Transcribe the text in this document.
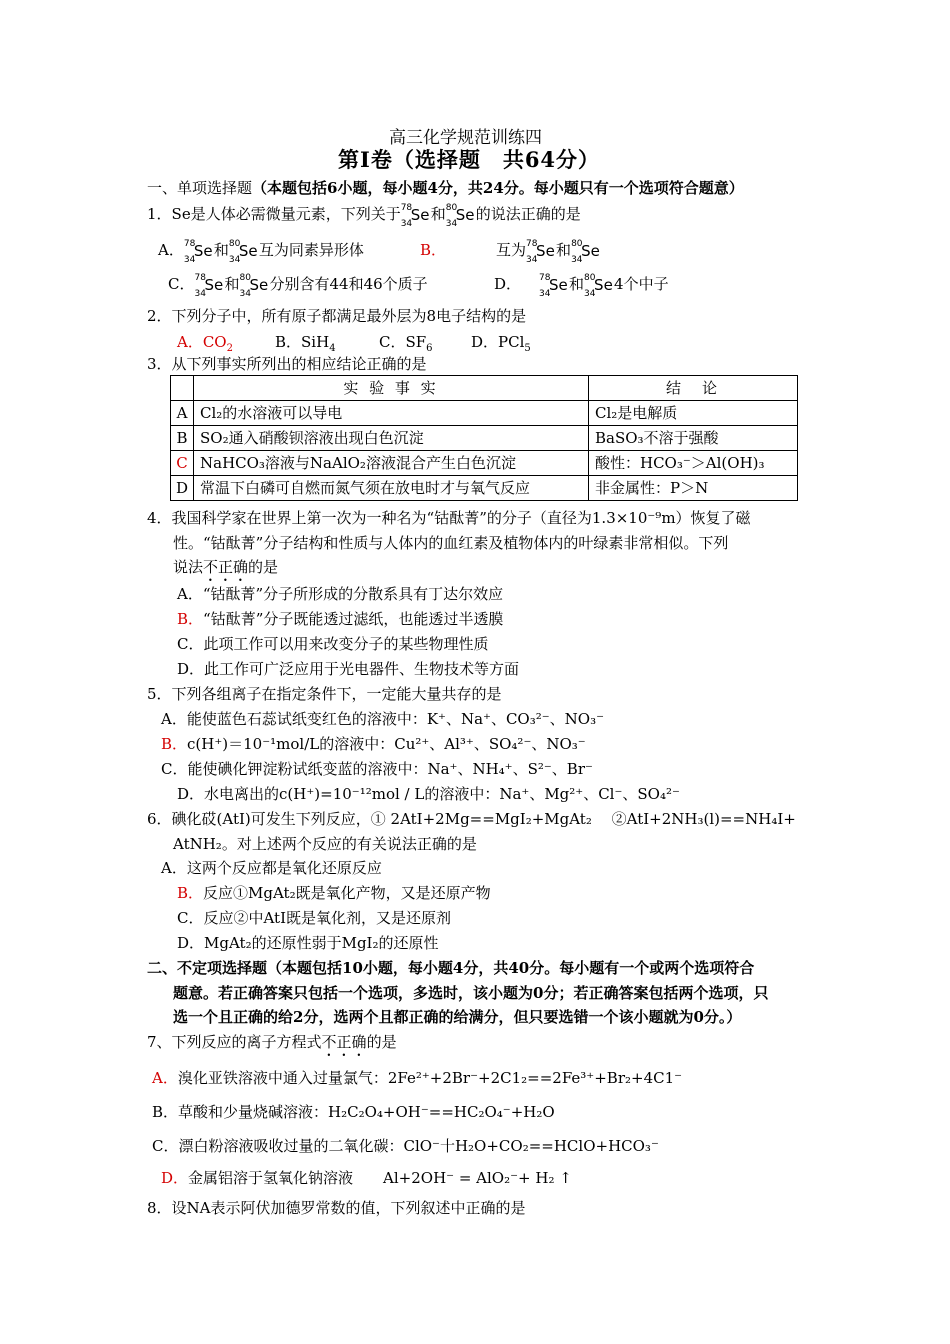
高三化学规范训练四
第Ⅰ卷（选择题　共64分）
一、单项选择题（本题包括6小题，每小题4分，共24分。每小题只有一个选项符合题意）
1．Se是人体必需微量元素，下列关于 78
34
Se 和 80
34
Se 的说法正确的是
A． 78
34
Se 和 80
34
Se 互为同素异形体	B．	互为 78
34
Se 和 80
34
Se
C． 78
34
Se 和 80
34
Se 分别含有44和46个质子	D． 78
34
Se 和 80
34
Se 4个中子
2．下列分子中，所有原子都满足最外层为8电子结构的是
A．$CO_2$	B．SiH$_4$	C．$SF_6$	D．PCl$_5$
3．从下列事实所列出的相应结论正确的是
	实 验 事 实	结　论
A	Cl₂的水溶液可以导电	Cl₂是电解质
B	SO₂通入硝酸钡溶液出现白色沉淀	BaSO₃不溶于强酸
C	NaHCO₃溶液与NaAlO₂溶液混合产生白色沉淀	酸性：HCO₃⁻＞Al(OH)₃
D	常温下白磷可自燃而氮气须在放电时才与氧气反应	非金属性：P＞N
4．我国科学家在世界上第一次为一种名为“钴酞菁”的分子（直径为1.3×10⁻⁹m）恢复了磁
性。“钴酞菁”分子结构和性质与人体内的血红素及植物体内的叶绿素非常相似。下列
说法不正确的是
A．“钴酞菁”分子所形成的分散系具有丁达尔效应
B．“钴酞菁”分子既能透过滤纸，也能透过半透膜
C．此项工作可以用来改变分子的某些物理性质
D．此工作可广泛应用于光电器件、生物技术等方面
5．下列各组离子在指定条件下，一定能大量共存的是
A．能使蓝色石蕊试纸变红色的溶液中：K⁺、Na⁺、CO₃²⁻、NO₃⁻
B．c(H⁺)＝10⁻¹mol/L的溶液中：Cu²⁺、Al³⁺、SO₄²⁻、NO₃⁻
C．能使碘化钾淀粉试纸变蓝的溶液中：Na⁺、NH₄⁺、S²⁻、Br⁻
D．水电离出的c(H⁺)=10⁻¹²mol / L的溶液中：Na⁺、Mg²⁺、Cl⁻、SO₄²⁻
6．碘化砹(AtI)可发生下列反应，① 2AtI+2Mg==MgI₂+MgAt₂　 ②AtI+2NH₃(l)==NH₄I+
AtNH₂。对上述两个反应的有关说法正确的是
A．这两个反应都是氧化还原反应
B．反应①MgAt₂既是氧化产物，又是还原产物
C．反应②中AtI既是氧化剂，又是还原剂
D．MgAt₂的还原性弱于MgI₂的还原性
二、不定项选择题（本题包括10小题，每小题4分，共40分。每小题有一个或两个选项符合
题意。若正确答案只包括一个选项，多选时，该小题为0分；若正确答案包括两个选项，只
选一个且正确的给2分，选两个且都正确的给满分，但只要选错一个该小题就为0分。）
7、下列反应的离子方程式不正确的是
A．溴化亚铁溶液中通入过量氯气：2Fe²⁺+2Br⁻+2C1₂==2Fe³⁺+Br₂+4C1⁻
B．草酸和少量烧碱溶液：H₂C₂O₄+OH⁻==HC₂O₄⁻+H₂O
C．漂白粉溶液吸收过量的二氧化碳：ClO⁻十H₂O+CO₂==HClO+HCO₃⁻
D．金属铝溶于氢氧化钠溶液　　Al+2OH⁻ = AlO₂⁻+ H₂ ↑
8．设NA表示阿伏加德罗常数的值，下列叙述中正确的是
